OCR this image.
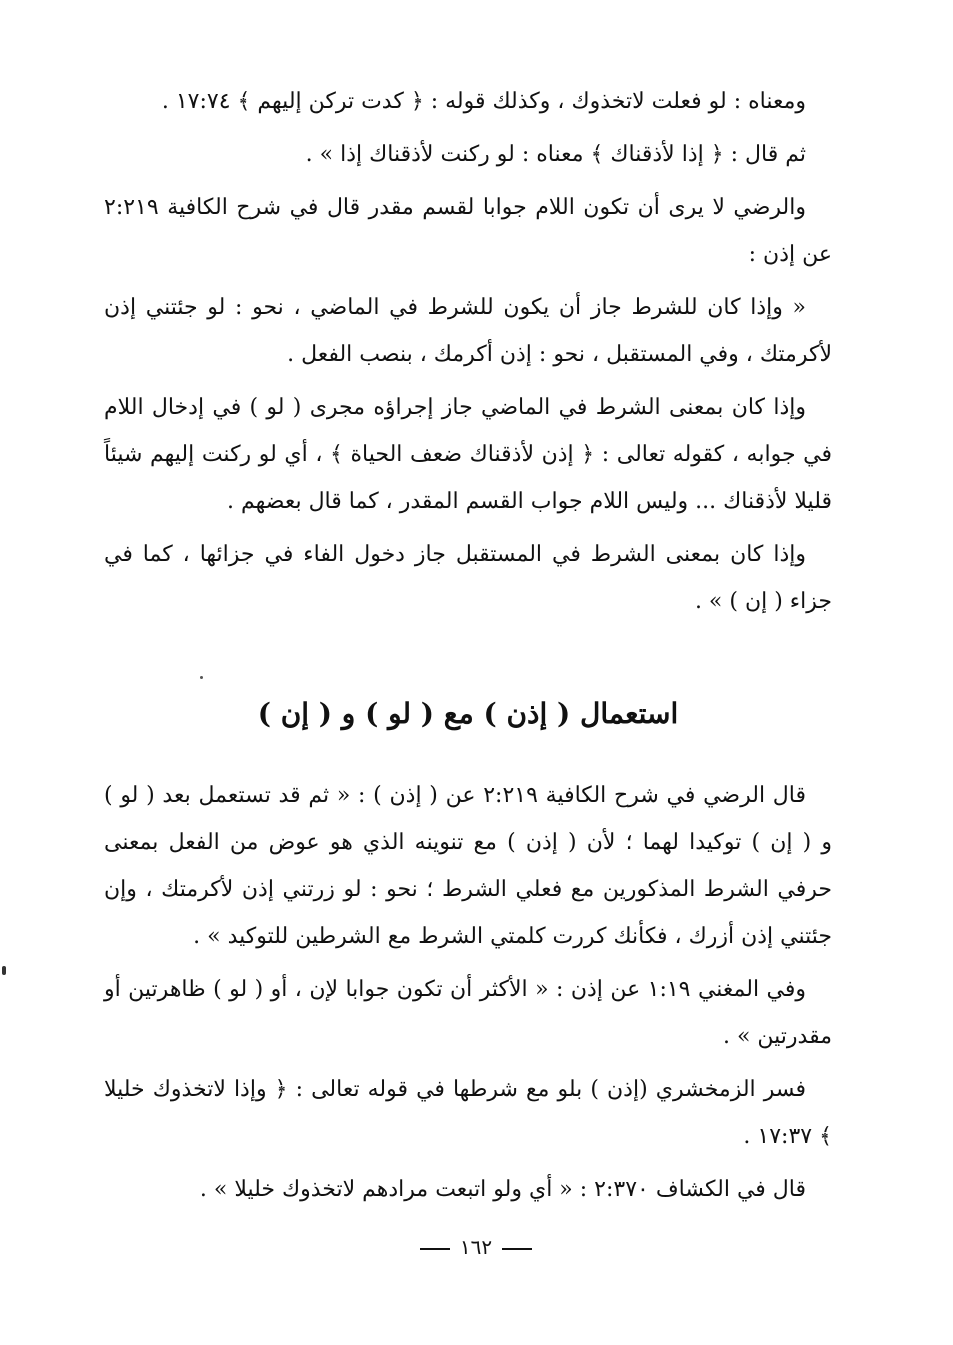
ومعناه : لو فعلت لاتخذوك ، وكذلك قوله : ﴿ كدت تركن إليهم ﴾ ١٧:٧٤ .

ثم قال : ﴿ إذا لأذقناك ﴾ معناه : لو ركنت لأذقناك إذا » .

والرضي لا يرى أن تكون اللام جوابا لقسم مقدر قال في شرح الكافية ٢:٢١٩ عن إذن :

« وإذا كان للشرط جاز أن يكون للشرط في الماضي ، نحو : لو جئتني إذن لأكرمتك ، وفي المستقبل ، نحو : إذن أكرمك ، بنصب الفعل .

وإذا كان بمعنى الشرط في الماضي جاز إجراؤه مجرى ( لو ) في إدخال اللام في جوابه ، كقوله تعالى : ﴿ إذن لأذقناك ضعف الحياة ﴾ ، أي لو ركنت إليهم شيئاً قليلا لأذقناك ... وليس اللام جواب القسم المقدر ، كما قال بعضهم .

وإذا كان بمعنى الشرط في المستقبل جاز دخول الفاء في جزائها ، كما في جزاء ( إن ) » .

استعمال ( إذن ) مع ( لو ) و ( إن )

قال الرضي في شرح الكافية ٢:٢١٩ عن ( إذن ) : « ثم قد تستعمل بعد ( لو ) و ( إن ) توكيدا لهما ؛ لأن ( إذن ) مع تنوينه الذي هو عوض من الفعل بمعنى حرفي الشرط المذكورين مع فعلي الشرط ؛ نحو : لو زرتني إذن لأكرمتك ، وإن جئتني إذن أزرك ، فكأنك كررت كلمتي الشرط مع الشرطين للتوكيد » .

وفي المغني ١:١٩ عن إذن : « الأكثر أن تكون جوابا لإن ، أو ( لو ) ظاهرتين أو مقدرتين » .

فسر الزمخشري (إذن ) بلو مع شرطها في قوله تعالى : ﴿ وإذا لاتخذوك خليلا ﴾ ١٧:٣٧ .

قال في الكشاف ٢:٣٧٠ : « أي ولو اتبعت مرادهم لاتخذوك خليلا » .

١٦٢
